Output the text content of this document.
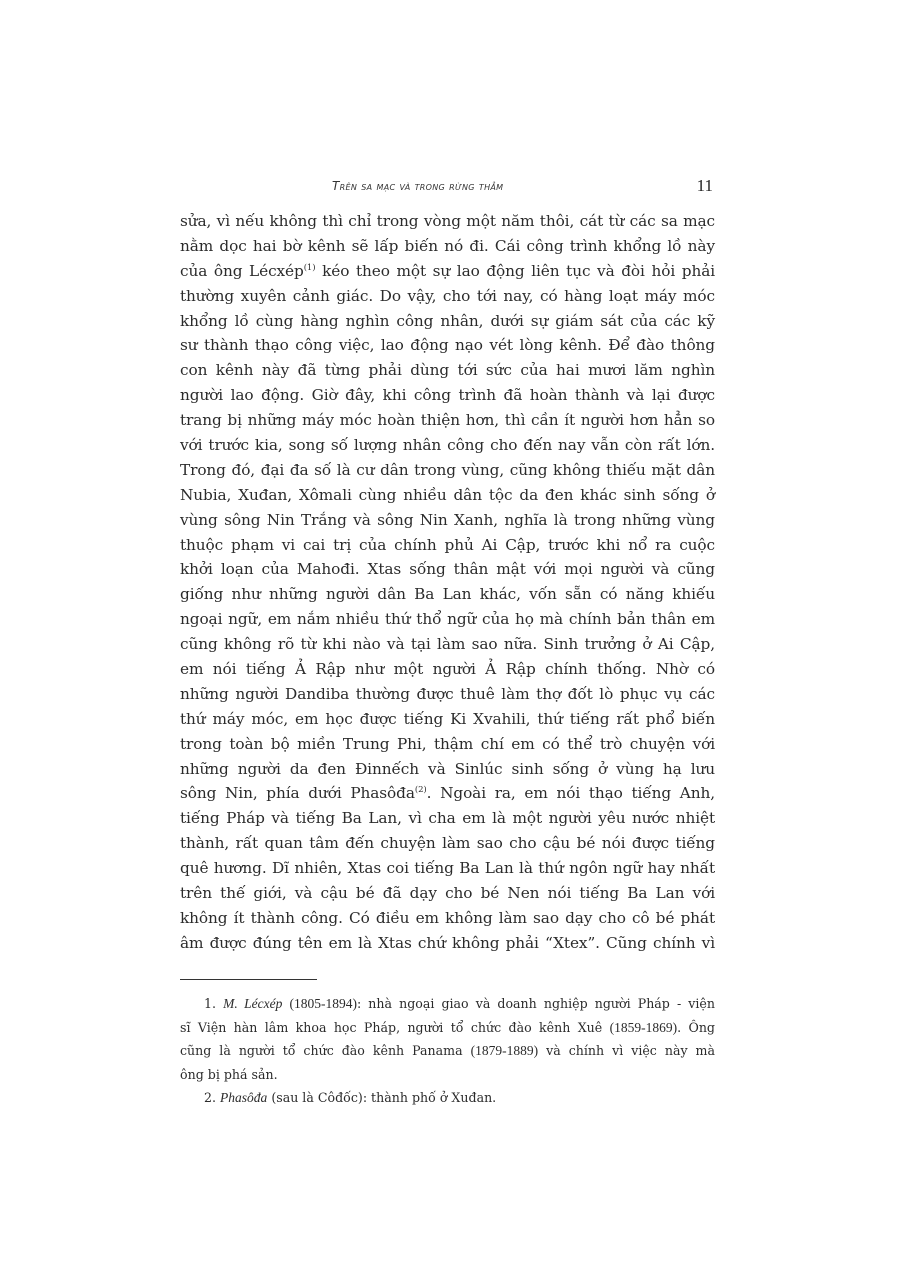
Trên sa mạc và trong rừng thẳm	11
sửa, vì nếu không thì chỉ trong vòng một năm thôi, cát từ các sa mạc
nằm dọc hai bờ kênh sẽ lấp biến nó đi. Cái công trình khổng lồ này
của ông Lécxép$^{(1)}$ kéo theo một sự lao động liên tục và đòi hỏi phải
thường xuyên cảnh giác. Do vậy, cho tới nay, có hàng loạt máy móc
khổng lồ cùng hàng nghìn công nhân, dưới sự giám sát của các kỹ
sư thành thạo công việc, lao động nạo vét lòng kênh. Để đào thông
con kênh này đã từng phải dùng tới sức của hai mươi lăm nghìn
người lao động. Giờ đây, khi công trình đã hoàn thành và lại được
trang bị những máy móc hoàn thiện hơn, thì cần ít người hơn hẳn so
với trước kia, song số lượng nhân công cho đến nay vẫn còn rất lớn.
Trong đó, đại đa số là cư dân trong vùng, cũng không thiếu mặt dân
Nubia, Xuđan, Xômali cùng nhiều dân tộc da đen khác sinh sống ở
vùng sông Nin Trắng và sông Nin Xanh, nghĩa là trong những vùng
thuộc phạm vi cai trị của chính phủ Ai Cập, trước khi nổ ra cuộc
khởi loạn của Mahođi. Xtas sống thân mật với mọi người và cũng
giống như những người dân Ba Lan khác, vốn sẵn có năng khiếu
ngoại ngữ, em nắm nhiều thứ thổ ngữ của họ mà chính bản thân em
cũng không rõ từ khi nào và tại làm sao nữa. Sinh trưởng ở Ai Cập,
em nói tiếng Ả Rập như một người Ả Rập chính thống. Nhờ có
những người Dandiba thường được thuê làm thợ đốt lò phục vụ các
thứ máy móc, em học được tiếng Ki Xvahili, thứ tiếng rất phổ biến
trong toàn bộ miền Trung Phi, thậm chí em có thể trò chuyện với
những người da đen Đinnếch và Sinlúc sinh sống ở vùng hạ lưu
sông Nin, phía dưới Phasôđa$^{(2)}$. Ngoài ra, em nói thạo tiếng Anh,
tiếng Pháp và tiếng Ba Lan, vì cha em là một người yêu nước nhiệt
thành, rất quan tâm đến chuyện làm sao cho cậu bé nói được tiếng
quê hương. Dĩ nhiên, Xtas coi tiếng Ba Lan là thứ ngôn ngữ hay nhất
trên thế giới, và cậu bé đã dạy cho bé Nen nói tiếng Ba Lan với
không ít thành công. Có điều em không làm sao dạy cho cô bé phát
âm được đúng tên em là Xtas chứ không phải “Xtex”. Cũng chính vì
1. M. Lécxép (1805-1894): nhà ngoại giao và doanh nghiệp người Pháp - viện
sĩ Viện hàn lâm khoa học Pháp, người tổ chức đào kênh Xuê (1859-1869). Ông
cũng là người tổ chức đào kênh Panama (1879-1889) và chính vì việc này mà
ông bị phá sản.
2. Phasôđa (sau là Côđốc): thành phố ở Xuđan.
